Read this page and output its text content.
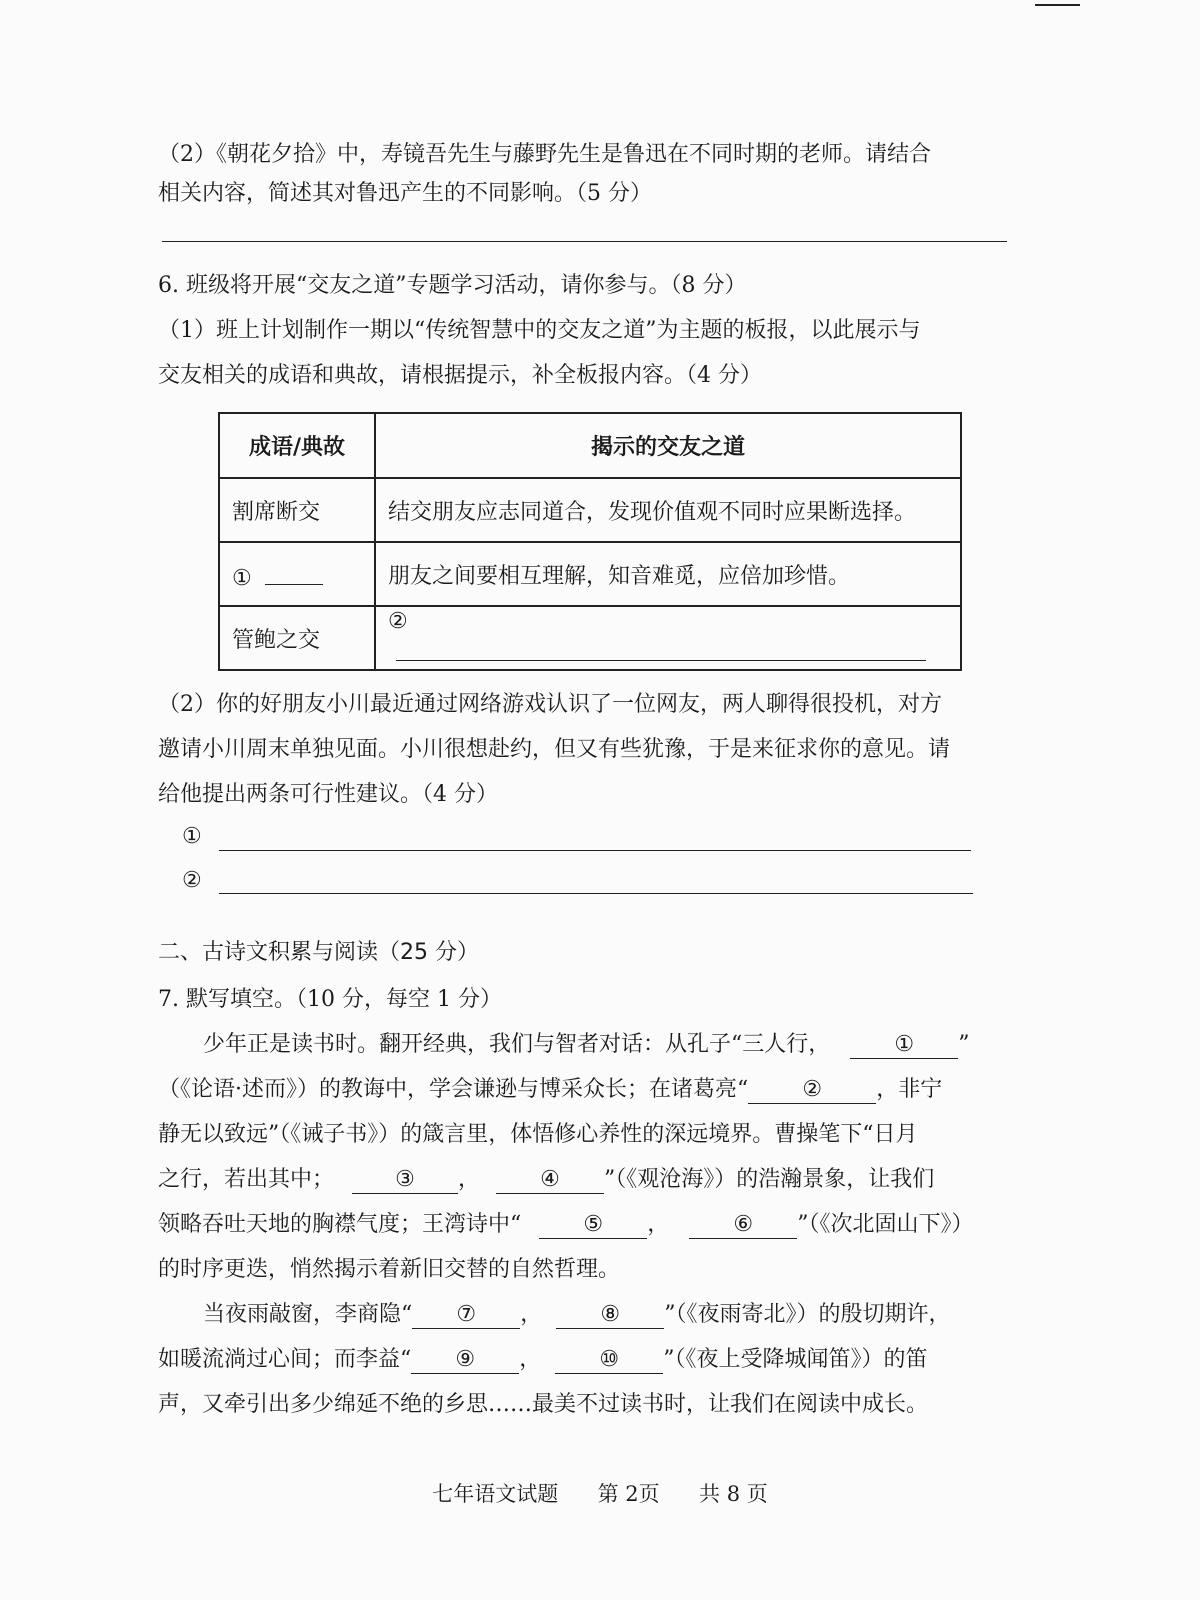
（2）《朝花夕拾》中，寿镜吾先生与藤野先生是鲁迅在不同时期的老师。请结合
相关内容，简述其对鲁迅产生的不同影响。（5 分）
6. 班级将开展“交友之道”专题学习活动，请你参与。（8 分）
（1）班上计划制作一期以“传统智慧中的交友之道”为主题的板报，以此展示与
交友相关的成语和典故，请根据提示，补全板报内容。（4 分）
成语/典故	揭示的交友之道
割席断交	结交朋友应志同道合，发现价值观不同时应果断选择。
①	朋友之间要相互理解，知音难觅，应倍加珍惜。
管鲍之交	②
（2）你的好朋友小川最近通过网络游戏认识了一位网友，两人聊得很投机，对方
邀请小川周末单独见面。小川很想赴约，但又有些犹豫，于是来征求你的意见。请
给他提出两条可行性建议。（4 分）
①
②
二、古诗文积累与阅读（25 分）
7. 默写填空。（10 分，每空 1 分）
少年正是读书时。翻开经典，我们与智者对话：从孔子“三人行，	① ”
（《论语·述而》）的教诲中，学会谦逊与博采众长；在诸葛亮“ ② ，非宁
静无以致远”（《诫子书》）的箴言里，体悟修心养性的深远境界。曹操笔下“日月
之行，若出其中；	③ ，	④ ”（《观沧海》）的浩瀚景象，让我们
领略吞吐天地的胸襟气度；王湾诗中“	⑤ ，	⑥ ”（《次北固山下》）
的时序更迭，悄然揭示着新旧交替的自然哲理。
当夜雨敲窗，李商隐“ ⑦ ，	⑧ ”（《夜雨寄北》）的殷切期许，
如暖流淌过心间；而李益“ ⑨ ，	⑩ ”（《夜上受降城闻笛》）的笛
声，又牵引出多少绵延不绝的乡思……最美不过读书时，让我们在阅读中成长。
七年语文试题 第 2页 共 8 页
